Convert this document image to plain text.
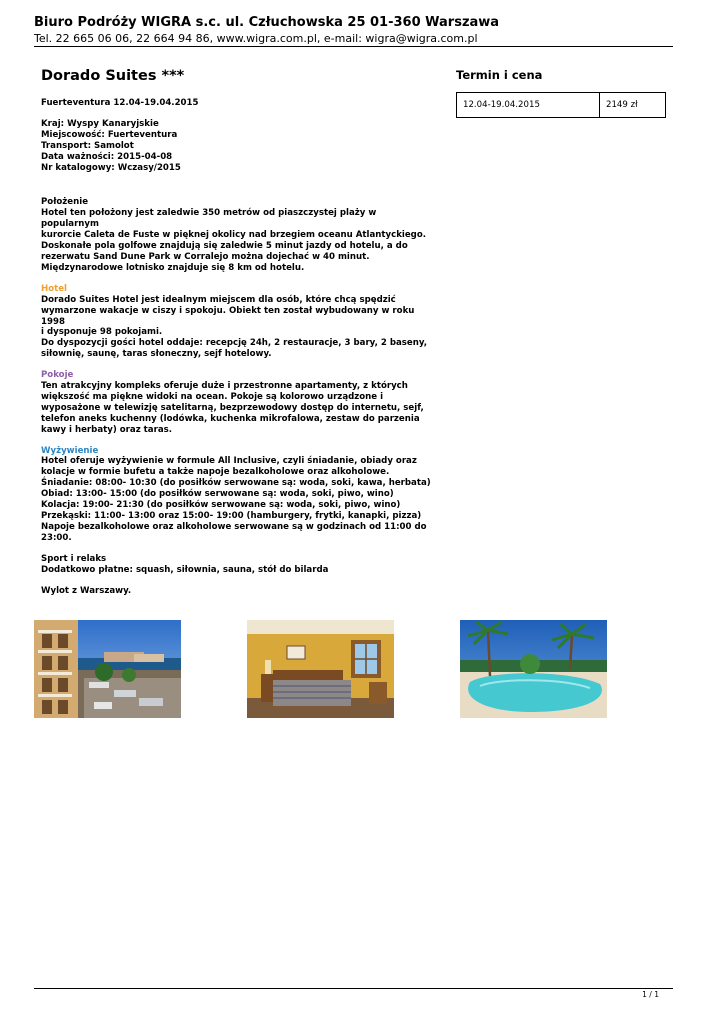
Biuro Podróży WIGRA s.c. ul. Człuchowska 25 01-360 Warszawa

Tel. 22 665 06 06, 22 664 94 86, www.wigra.com.pl, e-mail: wigra@wigra.com.pl

Dorado Suites ***

Fuerteventura 12.04-19.04.2015

Kraj: Wyspy Kanaryjskie

Miejscowość: Fuerteventura

Transport: Samolot

Data ważności: 2015-04-08

Nr katalogowy: Wczasy/2015

Położenie

Hotel ten położony jest zaledwie 350 metrów od piaszczystej plaży w popularnym

kurorcie Caleta de Fuste w pięknej okolicy nad brzegiem oceanu Atlantyckiego.

Doskonałe pola golfowe znajdują się zaledwie 5 minut jazdy od hotelu, a do

rezerwatu Sand Dune Park w Corralejo można dojechać w 40 minut.

Międzynarodowe lotnisko znajduje się 8 km od hotelu.

Hotel

Dorado Suites Hotel jest idealnym miejscem dla osób, które chcą spędzić

wymarzone wakacje w ciszy i spokoju. Obiekt ten został wybudowany w roku 1998

i dysponuje 98 pokojami.

Do dyspozycji gości hotel oddaje: recepcję 24h, 2 restauracje, 3 bary, 2 baseny,

siłownię, saunę, taras słoneczny, sejf hotelowy.

Pokoje

Ten atrakcyjny kompleks oferuje duże i przestronne apartamenty, z których

większość ma piękne widoki na ocean. Pokoje są kolorowo urządzone i

wyposażone w telewizję satelitarną, bezprzewodowy dostęp do internetu, sejf,

telefon aneks kuchenny (lodówka, kuchenka mikrofalowa, zestaw do parzenia

kawy i herbaty) oraz taras.

Wyżywienie

Hotel oferuje wyżywienie w formule All Inclusive, czyli śniadanie, obiady oraz

kolacje w formie bufetu a także napoje bezalkoholowe oraz alkoholowe.

Śniadanie: 08:00- 10:30 (do posiłków serwowane są: woda, soki, kawa, herbata)

Obiad: 13:00- 15:00 (do posiłków serwowane są: woda, soki, piwo, wino)

Kolacja: 19:00- 21:30 (do posiłków serwowane są: woda, soki, piwo, wino)

Przekąski: 11:00- 13:00 oraz 15:00- 19:00 (hamburgery, frytki, kanapki, pizza)

Napoje bezalkoholowe oraz alkoholowe serwowane są w godzinach od 11:00 do

23:00.

Sport i relaks

Dodatkowo płatne: squash, siłownia, sauna, stół do bilarda

Wylot z Warszawy.

Termin i cena
12.04-19.04.2015	2149 zł
1 / 1
